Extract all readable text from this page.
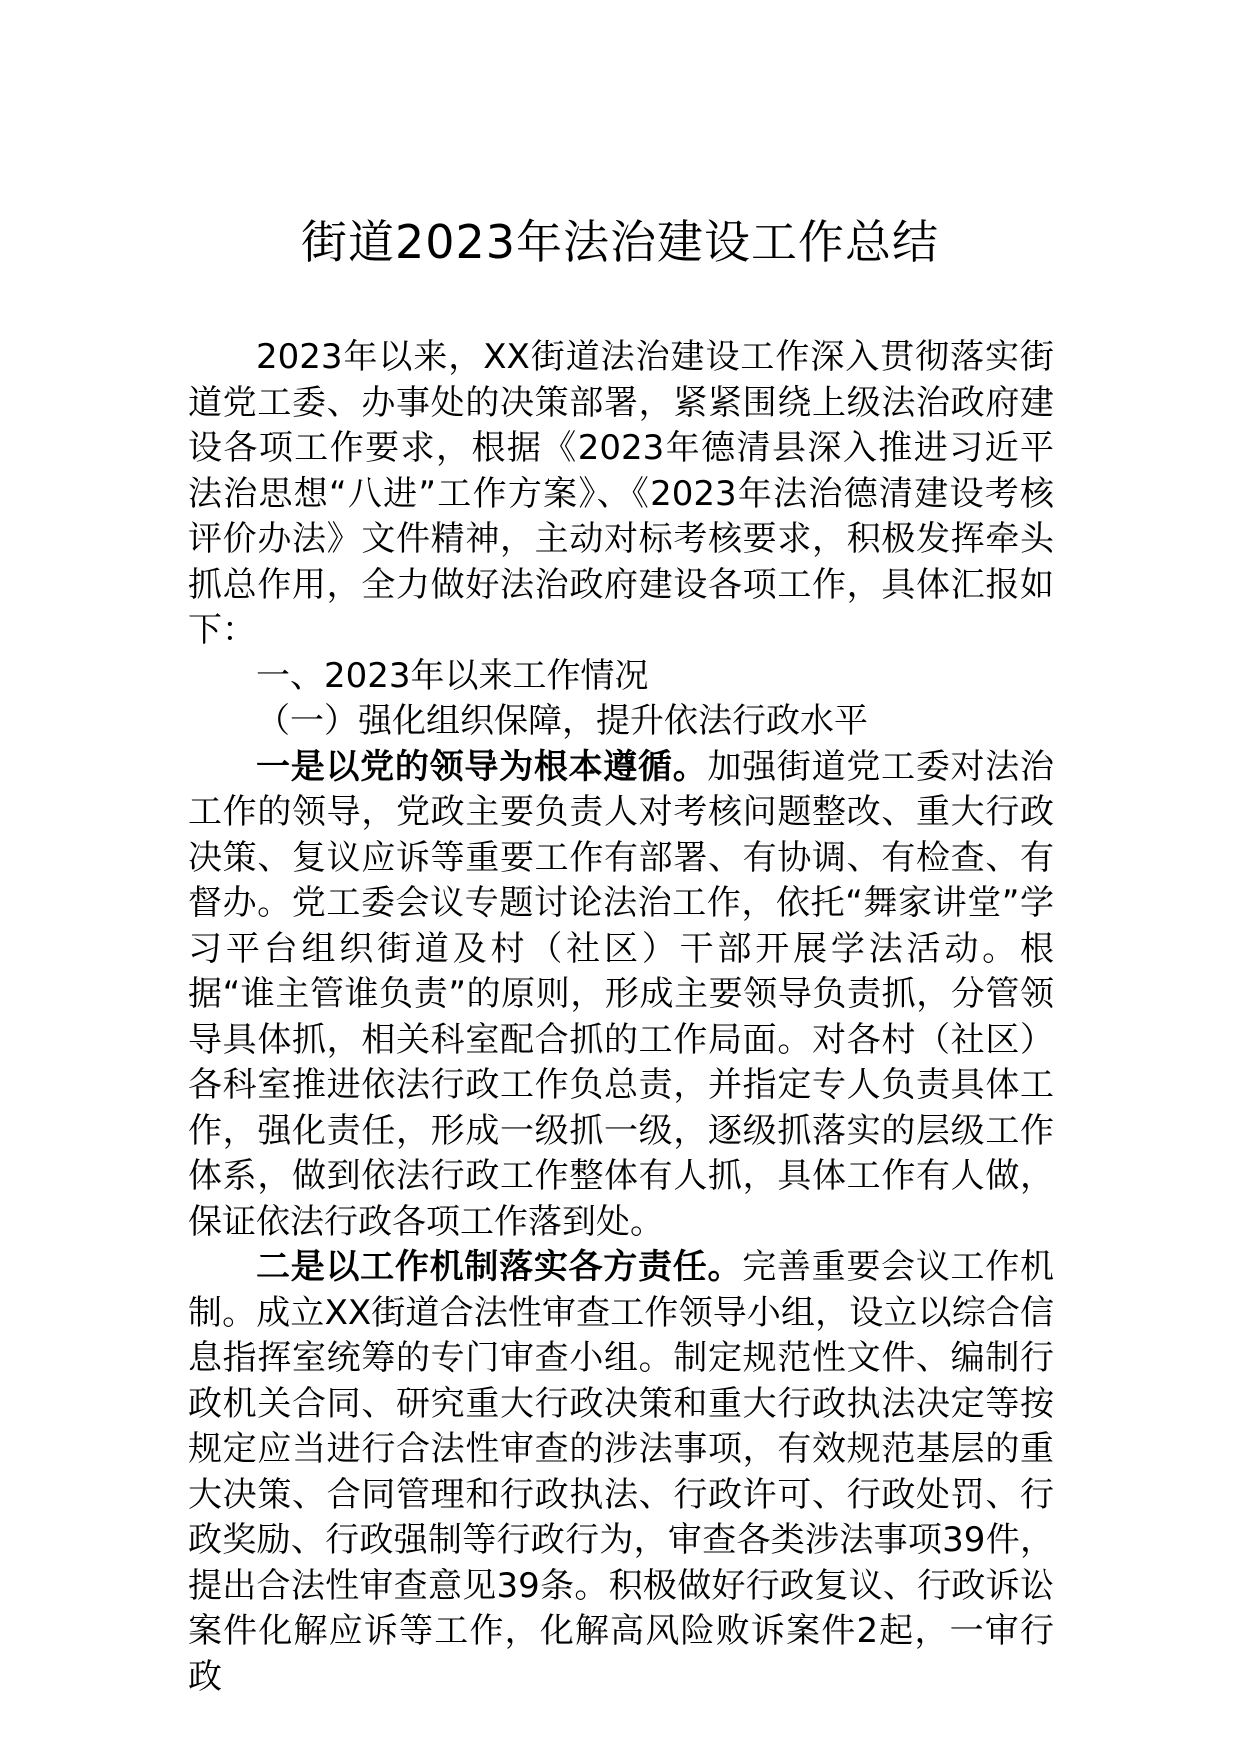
街道2023年法治建设工作总结

2023年以来，XX街道法治建设工作深入贯彻落实街道党工委、办事处的决策部署，紧紧围绕上级法治政府建设各项工作要求，根据《2023年德清县深入推进习近平法治思想“八进”工作方案》、《2023年法治德清建设考核评价办法》文件精神，主动对标考核要求，积极发挥牵头抓总作用，全力做好法治政府建设各项工作，具体汇报如下：

一、2023年以来工作情况

（一）强化组织保障，提升依法行政水平

一是以党的领导为根本遵循。加强街道党工委对法治工作的领导，党政主要负责人对考核问题整改、重大行政决策、复议应诉等重要工作有部署、有协调、有检查、有督办。党工委会议专题讨论法治工作，依托“舞家讲堂”学习平台组织街道及村（社区）干部开展学法活动。根据“谁主管谁负责”的原则，形成主要领导负责抓，分管领导具体抓，相关科室配合抓的工作局面。对各村（社区）各科室推进依法行政工作负总责，并指定专人负责具体工作，强化责任，形成一级抓一级，逐级抓落实的层级工作体系，做到依法行政工作整体有人抓，具体工作有人做，保证依法行政各项工作落到处。

二是以工作机制落实各方责任。完善重要会议工作机制。成立XX街道合法性审查工作领导小组，设立以综合信息指挥室统筹的专门审查小组。制定规范性文件、编制行政机关合同、研究重大行政决策和重大行政执法决定等按规定应当进行合法性审查的涉法事项，有效规范基层的重大决策、合同管理和行政执法、行政许可、行政处罚、行政奖励、行政强制等行政行为，审查各类涉法事项39件，提出合法性审查意见39条。积极做好行政复议、行政诉讼案件化解应诉等工作，化解高风险败诉案件2起，一审行政
